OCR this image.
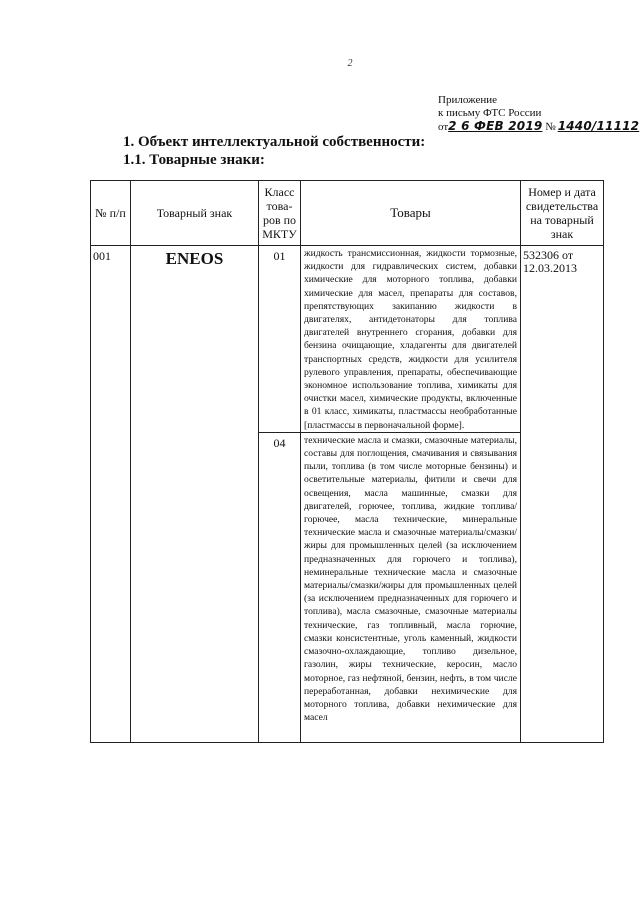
2
Приложение
к письму ФТС России
от2 6 ФЕВ 2019 № 1440/11112
1. Объект интеллектуальной собственности:
1.1. Товарные знаки:
№ п/п	Товарный знак	Класс това-ров по МКТУ	Товары	Номер и дата свидетельства на товарный знак
001	ENEOS	01	жидкость трансмиссионная, жидкости тормозные, жидкости для гидравлических систем, добавки химические для моторного топлива, добавки химические для масел, препараты для составов, препятствующих закипанию жидкости в двигателях, антидетонаторы для топлива двигателей внутреннего сгорания, добавки для бензина очищающие, хладагенты для двигателей транспортных средств, жидкости для усилителя рулевого управления, препараты, обеспечивающие экономное использование топлива, химикаты для очистки масел, химические продукты, включенные в 01 класс, химикаты, пластмассы необработанные [пластмассы в первоначальной форме].	532306 от
12.03.2013

		04	технические масла и смазки, смазочные материалы, составы для поглощения, смачивания и связывания пыли, топлива (в том числе моторные бензины) и осветительные материалы, фитили и свечи для освещения, масла машинные, смазки для двигателей, горючее, топлива, жидкие топлива/горючее, масла технические, минеральные технические масла и смазочные материалы/смазки/жиры для промышленных целей (за исключением предназначенных для горючего и топлива), неминеральные технические масла и смазочные материалы/смазки/жиры для промышленных целей (за исключением предназначенных для горючего и топлива), масла смазочные, смазочные материалы технические, газ топливный, масла горючие, смазки консистентные, уголь каменный, жидкости смазочно-охлаждающие, топливо дизельное, газолин, жиры технические, керосин, масло моторное, газ нефтяной, бензин, нефть, в том числе переработанная, добавки нехимические для моторного топлива, добавки нехимические для масел	
